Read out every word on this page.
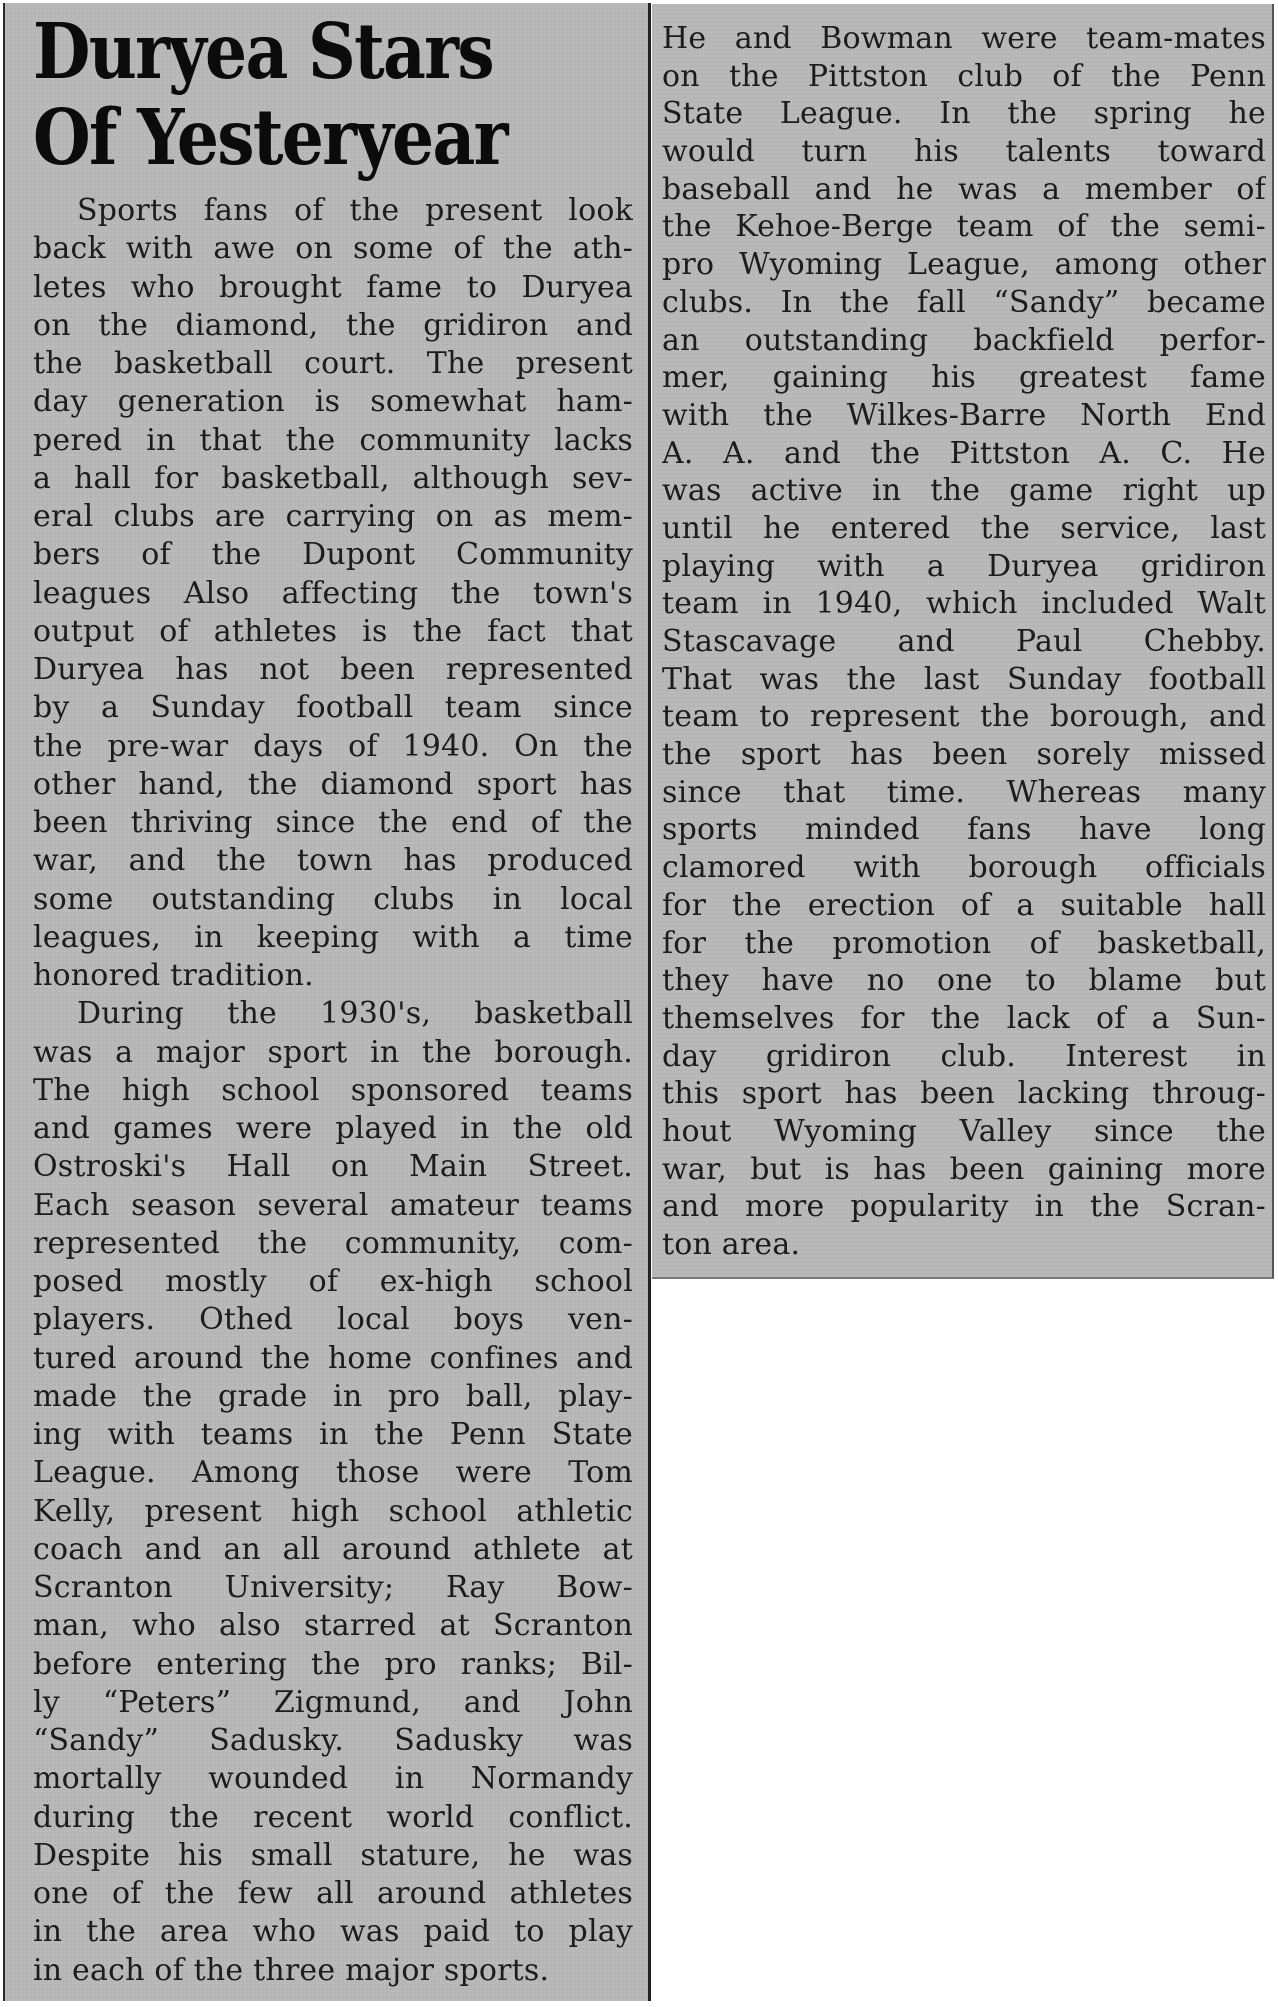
Duryea Stars
Of Yesteryear
Sports fans of the present look
back with awe on some of the ath-
letes who brought fame to Duryea
on the diamond, the gridiron and
the basketball court. The present
day generation is somewhat ham-
pered in that the community lacks
a hall for basketball, although sev-
eral clubs are carrying on as mem-
bers of the Dupont Community
leagues Also affecting the town's
output of athletes is the fact that
Duryea has not been represented
by a Sunday football team since
the pre-war days of 1940. On the
other hand, the diamond sport has
been thriving since the end of the
war, and the town has produced
some outstanding clubs in local
leagues, in keeping with a time
honored tradition.
During the 1930's, basketball
was a major sport in the borough.
The high school sponsored teams
and games were played in the old
Ostroski's Hall on Main Street.
Each season several amateur teams
represented the community, com-
posed mostly of ex-high school
players. Othed local boys ven-
tured around the home confines and
made the grade in pro ball, play-
ing with teams in the Penn State
League. Among those were Tom
Kelly, present high school athletic
coach and an all around athlete at
Scranton University; Ray Bow-
man, who also starred at Scranton
before entering the pro ranks; Bil-
ly “Peters” Zigmund, and John
“Sandy” Sadusky. Sadusky was
mortally wounded in Normandy
during the recent world conflict.
Despite his small stature, he was
one of the few all around athletes
in the area who was paid to play
in each of the three major sports.
He and Bowman were team-mates
on the Pittston club of the Penn
State League. In the spring he
would turn his talents toward
baseball and he was a member of
the Kehoe-Berge team of the semi-
pro Wyoming League, among other
clubs. In the fall “Sandy” became
an outstanding backfield perfor-
mer, gaining his greatest fame
with the Wilkes-Barre North End
A. A. and the Pittston A. C. He
was active in the game right up
until he entered the service, last
playing with a Duryea gridiron
team in 1940, which included Walt
Stascavage and Paul Chebby.
That was the last Sunday football
team to represent the borough, and
the sport has been sorely missed
since that time. Whereas many
sports minded fans have long
clamored with borough officials
for the erection of a suitable hall
for the promotion of basketball,
they have no one to blame but
themselves for the lack of a Sun-
day gridiron club. Interest in
this sport has been lacking throug-
hout Wyoming Valley since the
war, but is has been gaining more
and more popularity in the Scran-
ton area.
